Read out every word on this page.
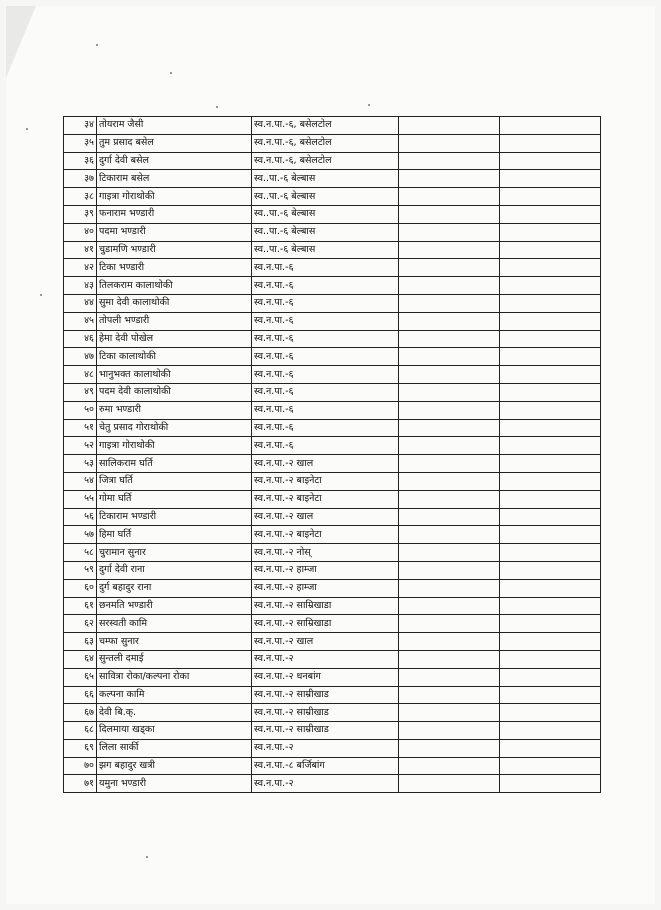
३४	तोयराम जैसी	स्व.न.पा.-६, बसेलटोल		
३५	तुम प्रसाद बसेल	स्व.न.पा.-६, बसेलटोल		
३६	दुर्गा देवी बसेल	स्व.न.पा.-६, बसेलटोल		
३७	टिकाराम बसेल	स्व..पा.-६ बेल्बास		
३८	गाइत्रा गोराथोकी	स्व..पा.-६ बेल्बास		
३९	फनाराम भण्डारी	स्व..पा.-६ बेल्बास		
४०	पदमा भण्डारी	स्व..पा.-६ बेल्बास		
४१	चुडामणि भण्डारी	स्व..पा.-६ बेल्बास		
४२	टिका भण्डारी	स्व.न.पा.-६		
४३	तिलकराम कालाथोकी	स्व.न.पा.-६		
४४	सुमा देवी कालाथोकी	स्व.न.पा.-६		
४५	तोपली भण्डारी	स्व.न.पा.-६		
४६	हेमा देवी पोखेल	स्व.न.पा.-६		
४७	टिका कालाथोकी	स्व.न.पा.-६		
४८	भानुभक्त कालाथोकी	स्व.न.पा.-६		
४९	पदम देवी कालाथोकी	स्व.न.पा.-६		
५०	रुमा भण्डारी	स्व.न.पा.-६		
५१	चेतु प्रसाद गोराथोकी	स्व.न.पा.-६		
५२	गाइत्रा गोराथोकी	स्व.न.पा.-६		
५३	सालिकराम घर्ति	स्व.न.पा.-२ खाल		
५४	जित्रा घर्ति	स्व.न.पा.-२ बाइनेटा		
५५	गोमा घर्ति	स्व.न.पा.-२ बाइनेटा		
५६	टिकाराम भण्डारी	स्व.न.पा.-२ खाल		
५७	हिमा घर्ति	स्व.न.पा.-२ बाइनेटा		
५८	चुरामान सुनार	स्व.न.पा.-२ नोस्		
५९	दुर्गा देवी राना	स्व.न.पा.-२ हाम्जा		
६०	दुर्ग बहादुर राना	स्व.न.पा.-२ हाम्जा		
६१	छनमति भण्डारी	स्व.न.पा.-२ साम्रिखाडा		
६२	सरस्वती कामि	स्व.न.पा.-२ साम्रिखाडा		
६३	चम्फा सुनार	स्व.न.पा.-२ खाल		
६४	सुन्तली दमाई	स्व.न.पा.-२		
६५	सावित्रा रोका/कल्पना रोका	स्व.न.पा.-२ धनबांग		
६६	कल्पना कामि	स्व.न.पा.-२ साम्रीखाड		
६७	देवी बि.क्.	स्व.न.पा.-२ साम्रीखाड		
६८	दिलमाया खड्का	स्व.न.पा.-२ साम्रीखाड		
६९	लिला सार्की	स्व.न.पा.-२		
७०	झग बहादुर खत्री	स्व.न.पा.-८ बर्जिबांग		
७१	यमुना भण्डारी	स्व.न.पा.-२		
